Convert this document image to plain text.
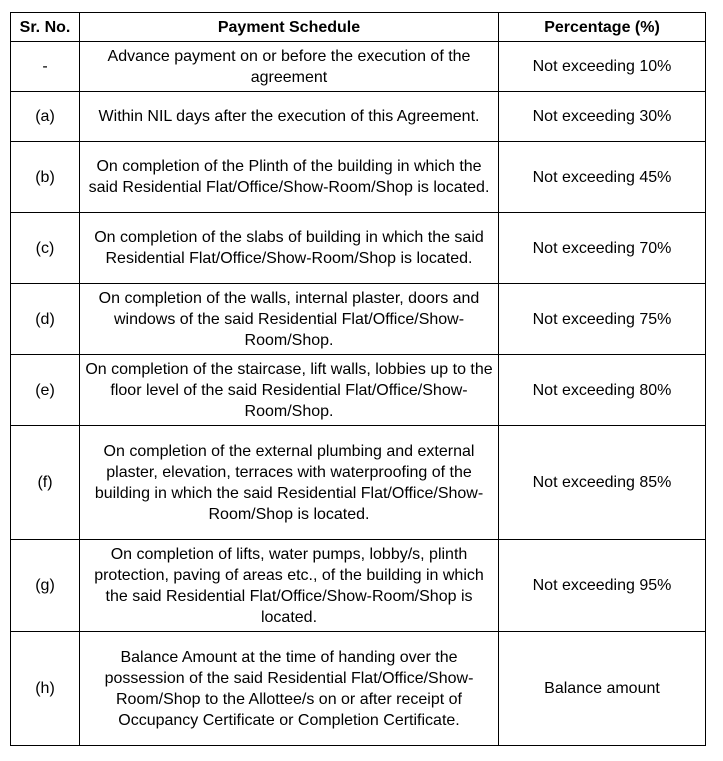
Sr. No.	Payment Schedule	Percentage (%)
-	Advance payment on or before the execution of the agreement	Not exceeding 10%
(a)	Within NIL days after the execution of this Agreement.	Not exceeding 30%
(b)	On completion of the Plinth of the building in which the said Residential Flat/Office/Show-Room/Shop is located.	Not exceeding 45%
(c)	On completion of the slabs of building in which the said Residential Flat/Office/Show-Room/Shop is located.	Not exceeding 70%
(d)	On completion of the walls, internal plaster, doors and windows of the said Residential Flat/Office/Show-Room/Shop.	Not exceeding 75%
(e)	On completion of the staircase, lift walls, lobbies up to the floor level of the said Residential Flat/Office/Show-Room/Shop.	Not exceeding 80%
(f)	On completion of the external plumbing and external plaster, elevation, terraces with waterproofing of the building in which the said Residential Flat/Office/Show-Room/Shop is located.	Not exceeding 85%
(g)	On completion of lifts, water pumps, lobby/s, plinth protection, paving of areas etc., of the building in which the said Residential Flat/Office/Show-Room/Shop is located.	Not exceeding 95%
(h)	Balance Amount at the time of handing over the possession of the said Residential Flat/Office/Show-Room/Shop to the Allottee/s on or after receipt of Occupancy Certificate or Completion Certificate.	Balance amount
